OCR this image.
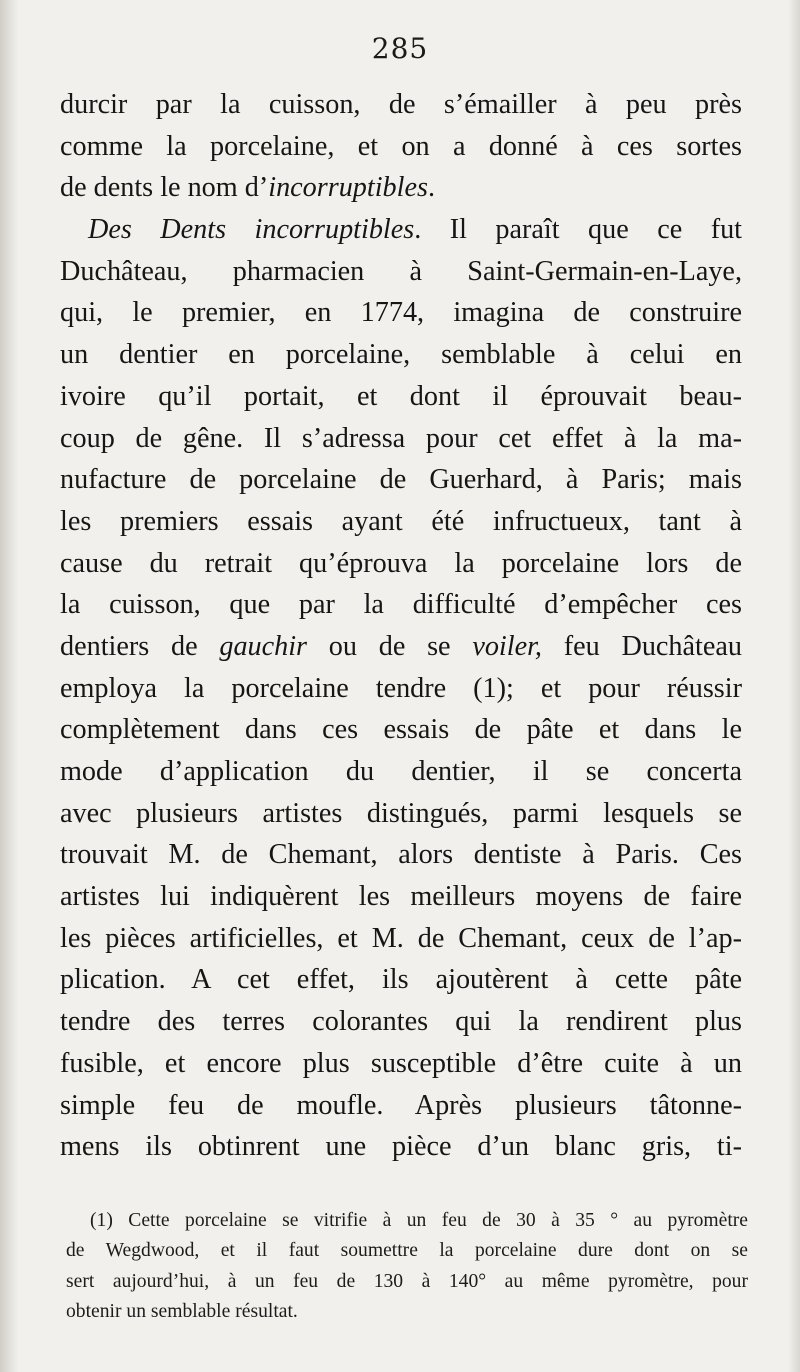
285
durcir par la cuisson, de s’émailler à peu près
comme la porcelaine, et on a donné à ces sortes
de dents le nom d’incorruptibles.
Des Dents incorruptibles. Il paraît que ce fut
Duchâteau, pharmacien à Saint-Germain-en-Laye,
qui, le premier, en 1774, imagina de construire
un dentier en porcelaine, semblable à celui en
ivoire qu’il portait, et dont il éprouvait beau-
coup de gêne. Il s’adressa pour cet effet à la ma-
nufacture de porcelaine de Guerhard, à Paris; mais
les premiers essais ayant été infructueux, tant à
cause du retrait qu’éprouva la porcelaine lors de
la cuisson, que par la difficulté d’empêcher ces
dentiers de gauchir ou de se voiler, feu Duchâteau
employa la porcelaine tendre (1); et pour réussir
complètement dans ces essais de pâte et dans le
mode d’application du dentier, il se concerta
avec plusieurs artistes distingués, parmi lesquels se
trouvait M. de Chemant, alors dentiste à Paris. Ces
artistes lui indiquèrent les meilleurs moyens de faire
les pièces artificielles, et M. de Chemant, ceux de l’ap-
plication. A cet effet, ils ajoutèrent à cette pâte
tendre des terres colorantes qui la rendirent plus
fusible, et encore plus susceptible d’être cuite à un
simple feu de moufle. Après plusieurs tâtonne-
mens ils obtinrent une pièce d’un blanc gris, ti-
(1) Cette porcelaine se vitrifie à un feu de 30 à 35 ° au pyromètre
de Wegdwood, et il faut soumettre la porcelaine dure dont on se
sert aujourd’hui, à un feu de 130 à 140° au même pyromètre, pour
obtenir un semblable résultat.
